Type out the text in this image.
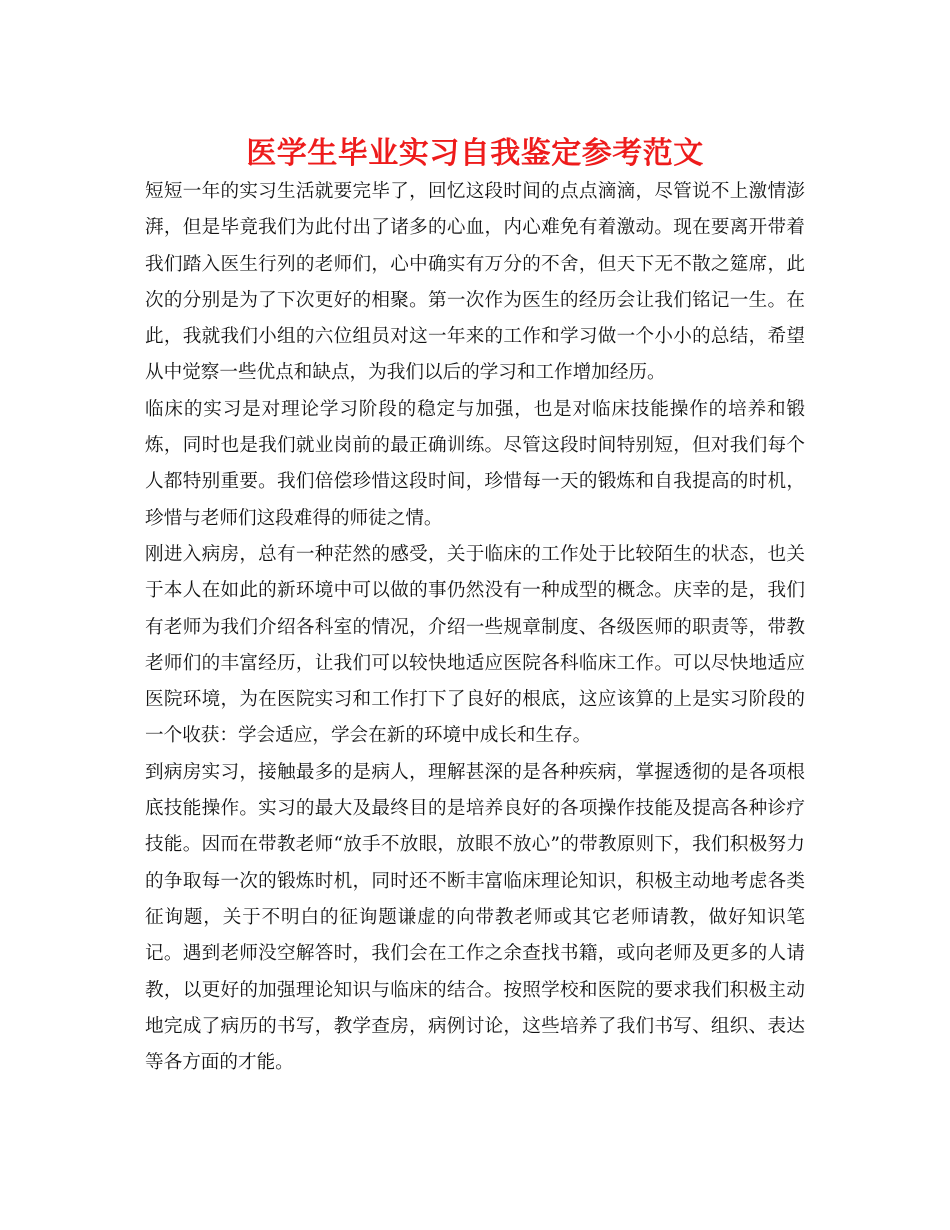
医学生毕业实习自我鉴定参考范文

短短一年的实习生活就要完毕了，回忆这段时间的点点滴滴，尽管说不上激情澎湃，但是毕竟我们为此付出了诸多的心血，内心难免有着激动。现在要离开带着我们踏入医生行列的老师们，心中确实有万分的不舍，但天下无不散之筵席，此次的分别是为了下次更好的相聚。第一次作为医生的经历会让我们铭记一生。在此，我就我们小组的六位组员对这一年来的工作和学习做一个小小的总结，希望从中觉察一些优点和缺点，为我们以后的学习和工作增加经历。

临床的实习是对理论学习阶段的稳定与加强，也是对临床技能操作的培养和锻炼，同时也是我们就业岗前的最正确训练。尽管这段时间特别短，但对我们每个人都特别重要。我们倍偿珍惜这段时间，珍惜每一天的锻炼和自我提高的时机，珍惜与老师们这段难得的师徒之情。

刚进入病房，总有一种茫然的感受，关于临床的工作处于比较陌生的状态，也关于本人在如此的新环境中可以做的事仍然没有一种成型的概念。庆幸的是，我们有老师为我们介绍各科室的情况，介绍一些规章制度、各级医师的职责等，带教老师们的丰富经历，让我们可以较快地适应医院各科临床工作。可以尽快地适应医院环境，为在医院实习和工作打下了良好的根底，这应该算的上是实习阶段的一个收获：学会适应，学会在新的环境中成长和生存。

到病房实习，接触最多的是病人，理解甚深的是各种疾病，掌握透彻的是各项根底技能操作。实习的最大及最终目的是培养良好的各项操作技能及提高各种诊疗技能。因而在带教老师“放手不放眼，放眼不放心”的带教原则下，我们积极努力的争取每一次的锻炼时机，同时还不断丰富临床理论知识，积极主动地考虑各类征询题，关于不明白的征询题谦虚的向带教老师或其它老师请教，做好知识笔记。遇到老师没空解答时，我们会在工作之余查找书籍，或向老师及更多的人请教，以更好的加强理论知识与临床的结合。按照学校和医院的要求我们积极主动地完成了病历的书写，教学查房，病例讨论，这些培养了我们书写、组织、表达等各方面的才能。
